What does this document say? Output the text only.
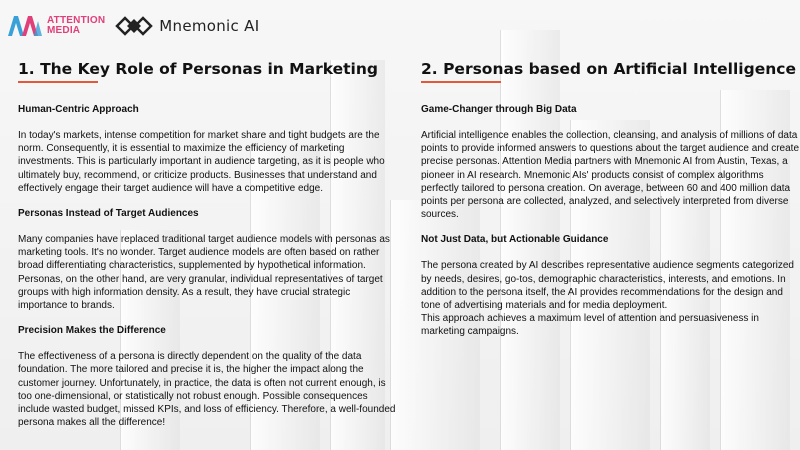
ATTENTION
MEDIA	Mnemonic AI
1. The Key Role of Personas in Marketing
Human-Centric Approach

In today's markets, intense competition for market share and tight budgets are the norm. Consequently, it is essential to maximize the efficiency of marketing investments. This is particularly important in audience targeting, as it is people who ultimately buy, recommend, or criticize products. Businesses that understand and effectively engage their target audience will have a competitive edge.

Personas Instead of Target Audiences

Many companies have replaced traditional target audience models with personas as marketing tools. It's no wonder. Target audience models are often based on rather broad differentiating characteristics, supplemented by hypothetical information. Personas, on the other hand, are very granular, individual representatives of target groups with high information density. As a result, they have crucial strategic importance to brands.

Precision Makes the Difference

The effectiveness of a persona is directly dependent on the quality of the data foundation. The more tailored and precise it is, the higher the impact along the customer journey. Unfortunately, in practice, the data is often not current enough, is too one-dimensional, or statistically not robust enough. Possible consequences include wasted budget, missed KPIs, and loss of efficiency. Therefore, a well-founded persona makes all the difference!

2. Personas based on Artificial Intelligence
Game-Changer through Big Data

Artificial intelligence enables the collection, cleansing, and analysis of millions of data points to provide informed answers to questions about the target audience and create precise personas. Attention Media partners with Mnemonic AI from Austin, Texas, a pioneer in AI research. Mnemonic AIs' products consist of complex algorithms perfectly tailored to persona creation. On average, between 60 and 400 million data points per persona are collected, analyzed, and selectively interpreted from diverse sources.

Not Just Data, but Actionable Guidance

The persona created by AI describes representative audience segments categorized by needs, desires, go-tos, demographic characteristics, interests, and emotions. In addition to the persona itself, the AI provides recommendations for the design and tone of advertising materials and for media deployment.
This approach achieves a maximum level of attention and persuasiveness in marketing campaigns.
